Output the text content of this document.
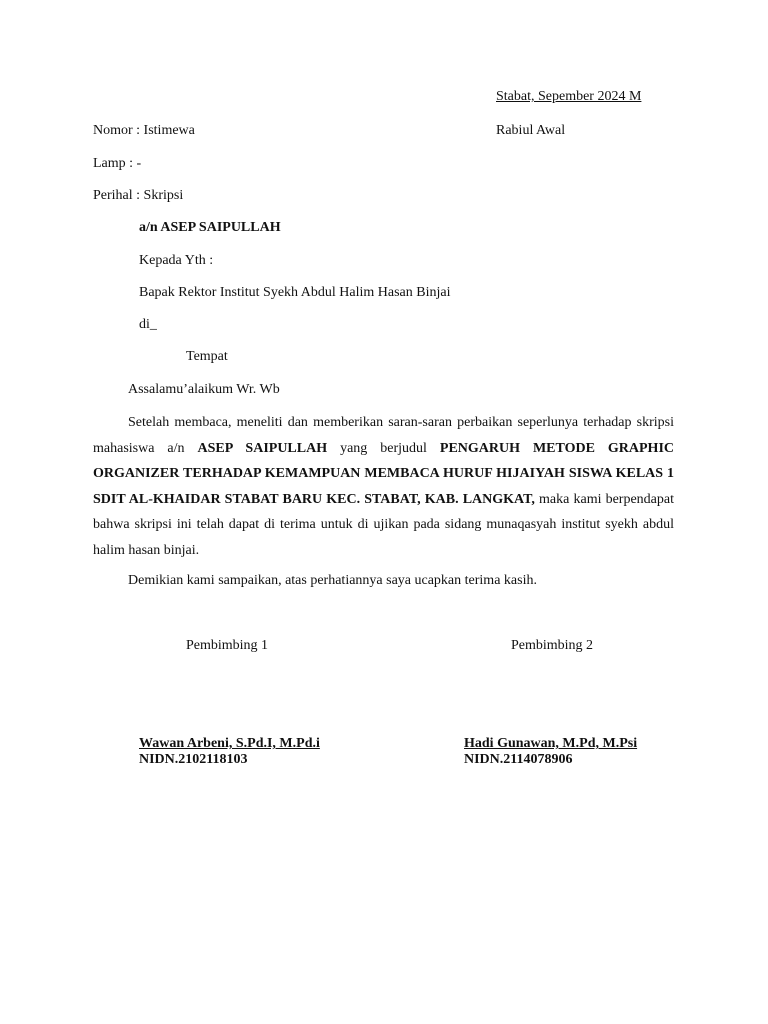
Stabat, Sepember 2024 M
Nomor : Istimewa	Rabiul Awal
Lamp : -
Perihal : Skripsi
a/n ASEP SAIPULLAH
Kepada Yth :
Bapak Rektor Institut Syekh Abdul Halim Hasan Binjai
di_
Tempat
Assalamu’alaikum Wr. Wb
Setelah membaca, meneliti dan memberikan saran-saran perbaikan seperlunya terhadap skripsi mahasiswa a/n ASEP SAIPULLAH yang berjudul PENGARUH METODE GRAPHIC ORGANIZER TERHADAP KEMAMPUAN MEMBACA HURUF HIJAIYAH SISWA KELAS 1 SDIT AL-KHAIDAR STABAT BARU KEC. STABAT, KAB. LANGKAT, maka kami berpendapat bahwa skripsi ini telah dapat di terima untuk di ujikan pada sidang munaqasyah institut syekh abdul halim hasan binjai.
Demikian kami sampaikan, atas perhatiannya saya ucapkan terima kasih.
Pembimbing 1	Pembimbing 2
Wawan Arbeni, S.Pd.I, M.Pd.i
NIDN.2102118103
Hadi Gunawan, M.Pd, M.Psi
NIDN.2114078906
